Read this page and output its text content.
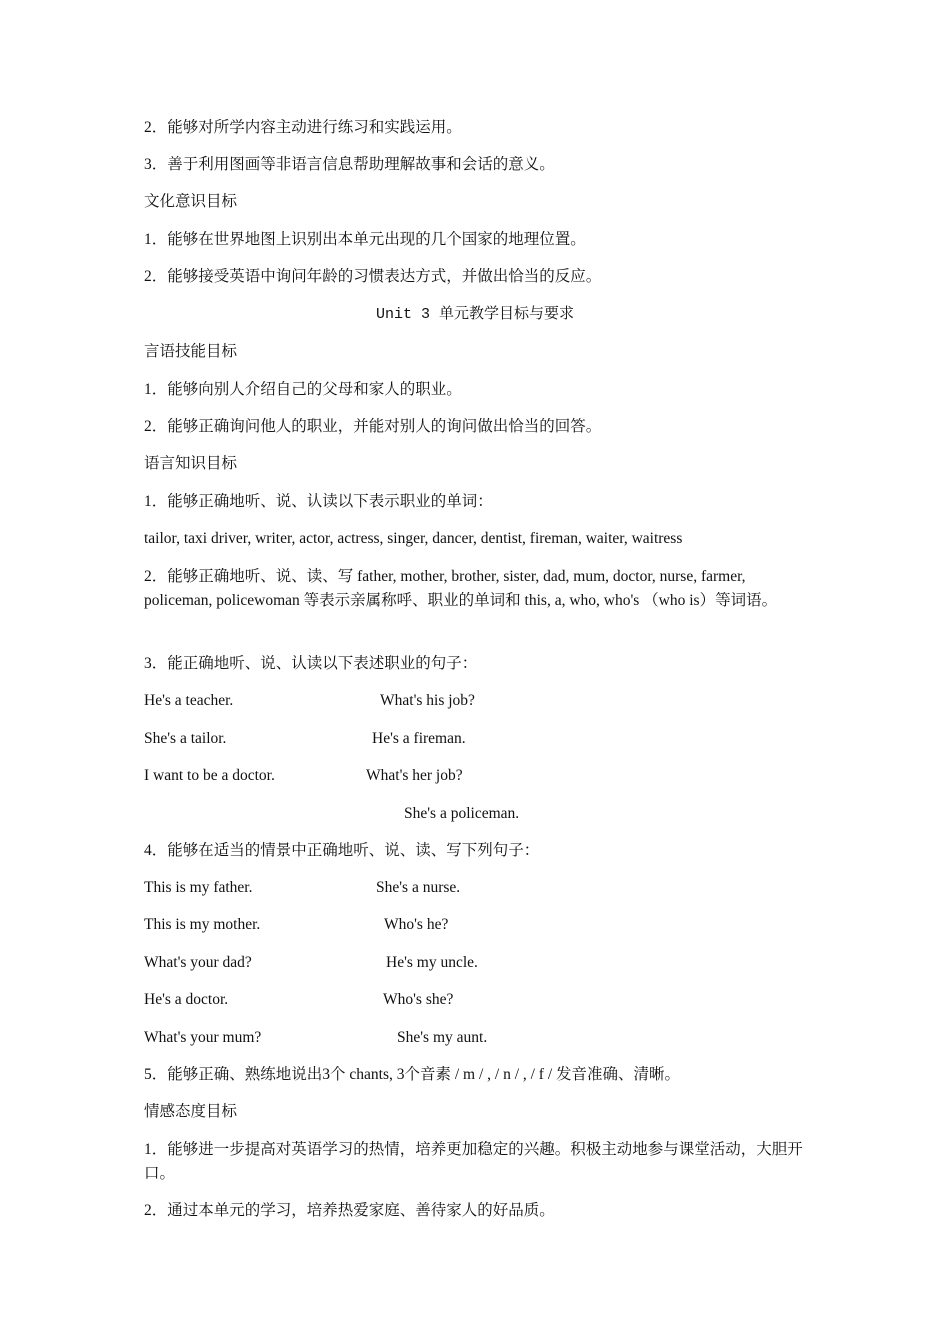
2．能够对所学内容主动进行练习和实践运用。
3．善于利用图画等非语言信息帮助理解故事和会话的意义。
文化意识目标
1．能够在世界地图上识别出本单元出现的几个国家的地理位置。
2．能够接受英语中询问年龄的习惯表达方式，并做出恰当的反应。
Unit 3 单元教学目标与要求
言语技能目标
1．能够向别人介绍自己的父母和家人的职业。
2．能够正确询问他人的职业，并能对别人的询问做出恰当的回答。
语言知识目标
1．能够正确地听、说、认读以下表示职业的单词：
tailor, taxi driver, writer, actor, actress, singer, dancer, dentist, fireman, waiter, waitress
2．能够正确地听、说、读、写 father, mother, brother, sister, dad, mum, doctor, nurse, farmer, policeman, policewoman 等表示亲属称呼、职业的单词和 this, a, who, who's （who is）等词语。
3．能正确地听、说、认读以下表述职业的句子：
He's a teacher.	What's his job?
She's a tailor.	He's a fireman.
I want to be a doctor.	What's her job?
She's a policeman.
4．能够在适当的情景中正确地听、说、读、写下列句子：
This is my father.	She's a nurse.
This is my mother.	Who's he?
What's your dad?	He's my uncle.
He's a doctor.	Who's she?
What's your mum?	She's my aunt.
5．能够正确、熟练地说出3个 chants, 3个音素 / m / , / n / , / f / 发音准确、清晰。
情感态度目标
1．能够进一步提高对英语学习的热情，培养更加稳定的兴趣。积极主动地参与课堂活动，大胆开口。
2．通过本单元的学习，培养热爱家庭、善待家人的好品质。
